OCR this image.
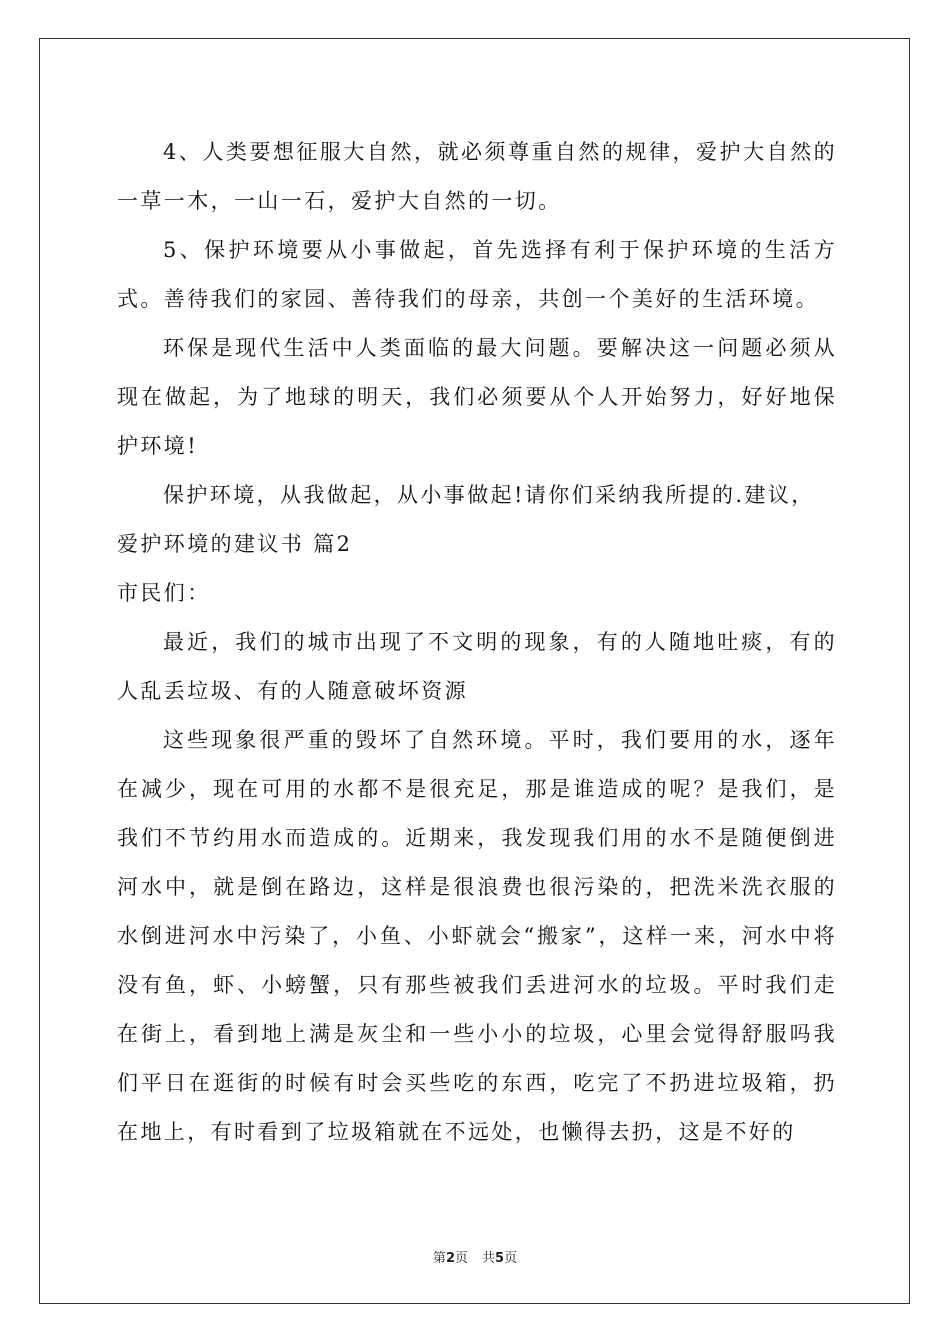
4、人类要想征服大自然，就必须尊重自然的规律，爱护大自然的一草一木，一山一石，爱护大自然的一切。

5、保护环境要从小事做起，首先选择有利于保护环境的生活方式。善待我们的家园、善待我们的母亲，共创一个美好的生活环境。

环保是现代生活中人类面临的最大问题。要解决这一问题必须从现在做起，为了地球的明天，我们必须要从个人开始努力，好好地保护环境!

保护环境，从我做起，从小事做起!请你们采纳我所提的.建议，

爱护环境的建议书 篇2

市民们：

最近，我们的城市出现了不文明的现象，有的人随地吐痰，有的人乱丢垃圾、有的人随意破坏资源

这些现象很严重的毁坏了自然环境。平时，我们要用的水，逐年在减少，现在可用的水都不是很充足，那是谁造成的呢？是我们，是我们不节约用水而造成的。近期来，我发现我们用的水不是随便倒进河水中，就是倒在路边，这样是很浪费也很污染的，把洗米洗衣服的水倒进河水中污染了，小鱼、小虾就会“搬家”，这样一来，河水中将没有鱼，虾、小螃蟹，只有那些被我们丢进河水的垃圾。平时我们走在街上，看到地上满是灰尘和一些小小的垃圾，心里会觉得舒服吗我们平日在逛街的时候有时会买些吃的东西，吃完了不扔进垃圾箱，扔在地上，有时看到了垃圾箱就在不远处，也懒得去扔，这是不好的

第2页 共5页
